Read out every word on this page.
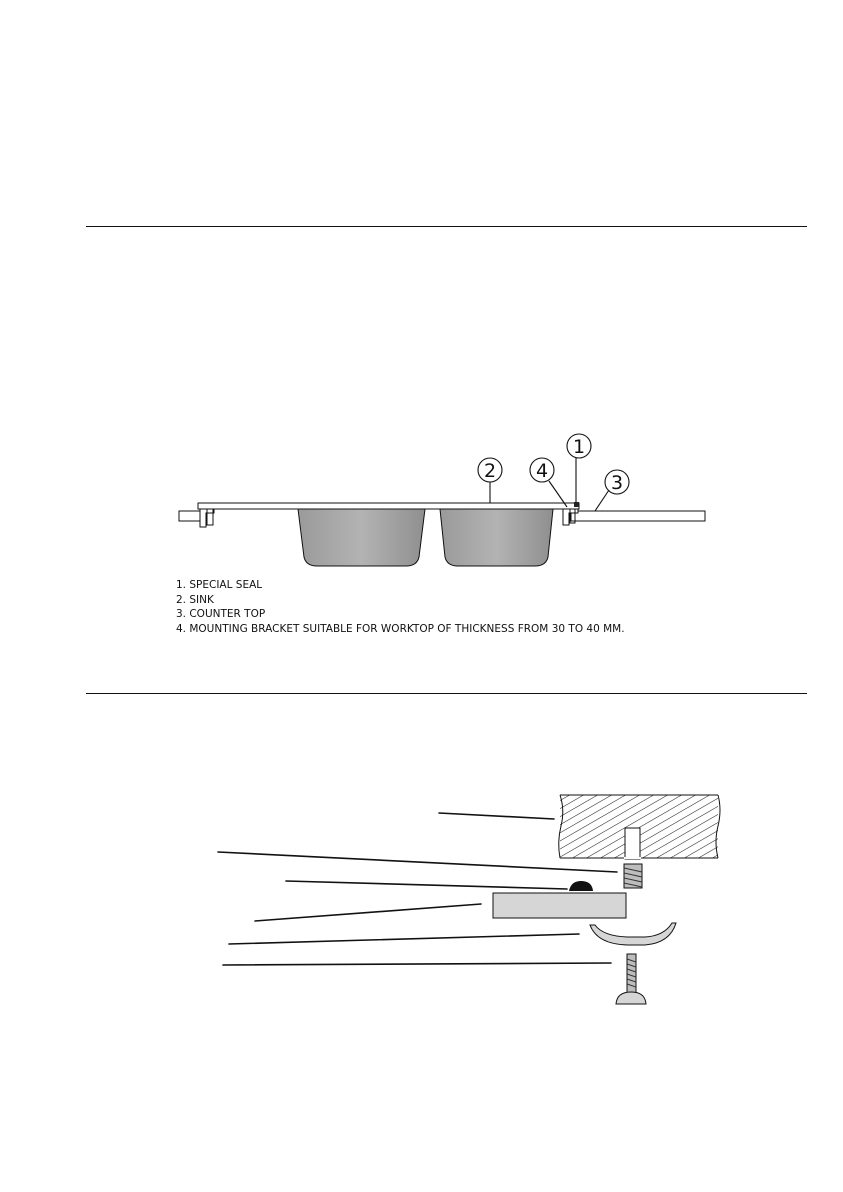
1
2
3
4
1. SPECIAL SEAL
2. SINK
3. COUNTER TOP
4. MOUNTING BRACKET SUITABLE FOR WORKTOP OF THICKNESS FROM 30 TO 40 MM.
